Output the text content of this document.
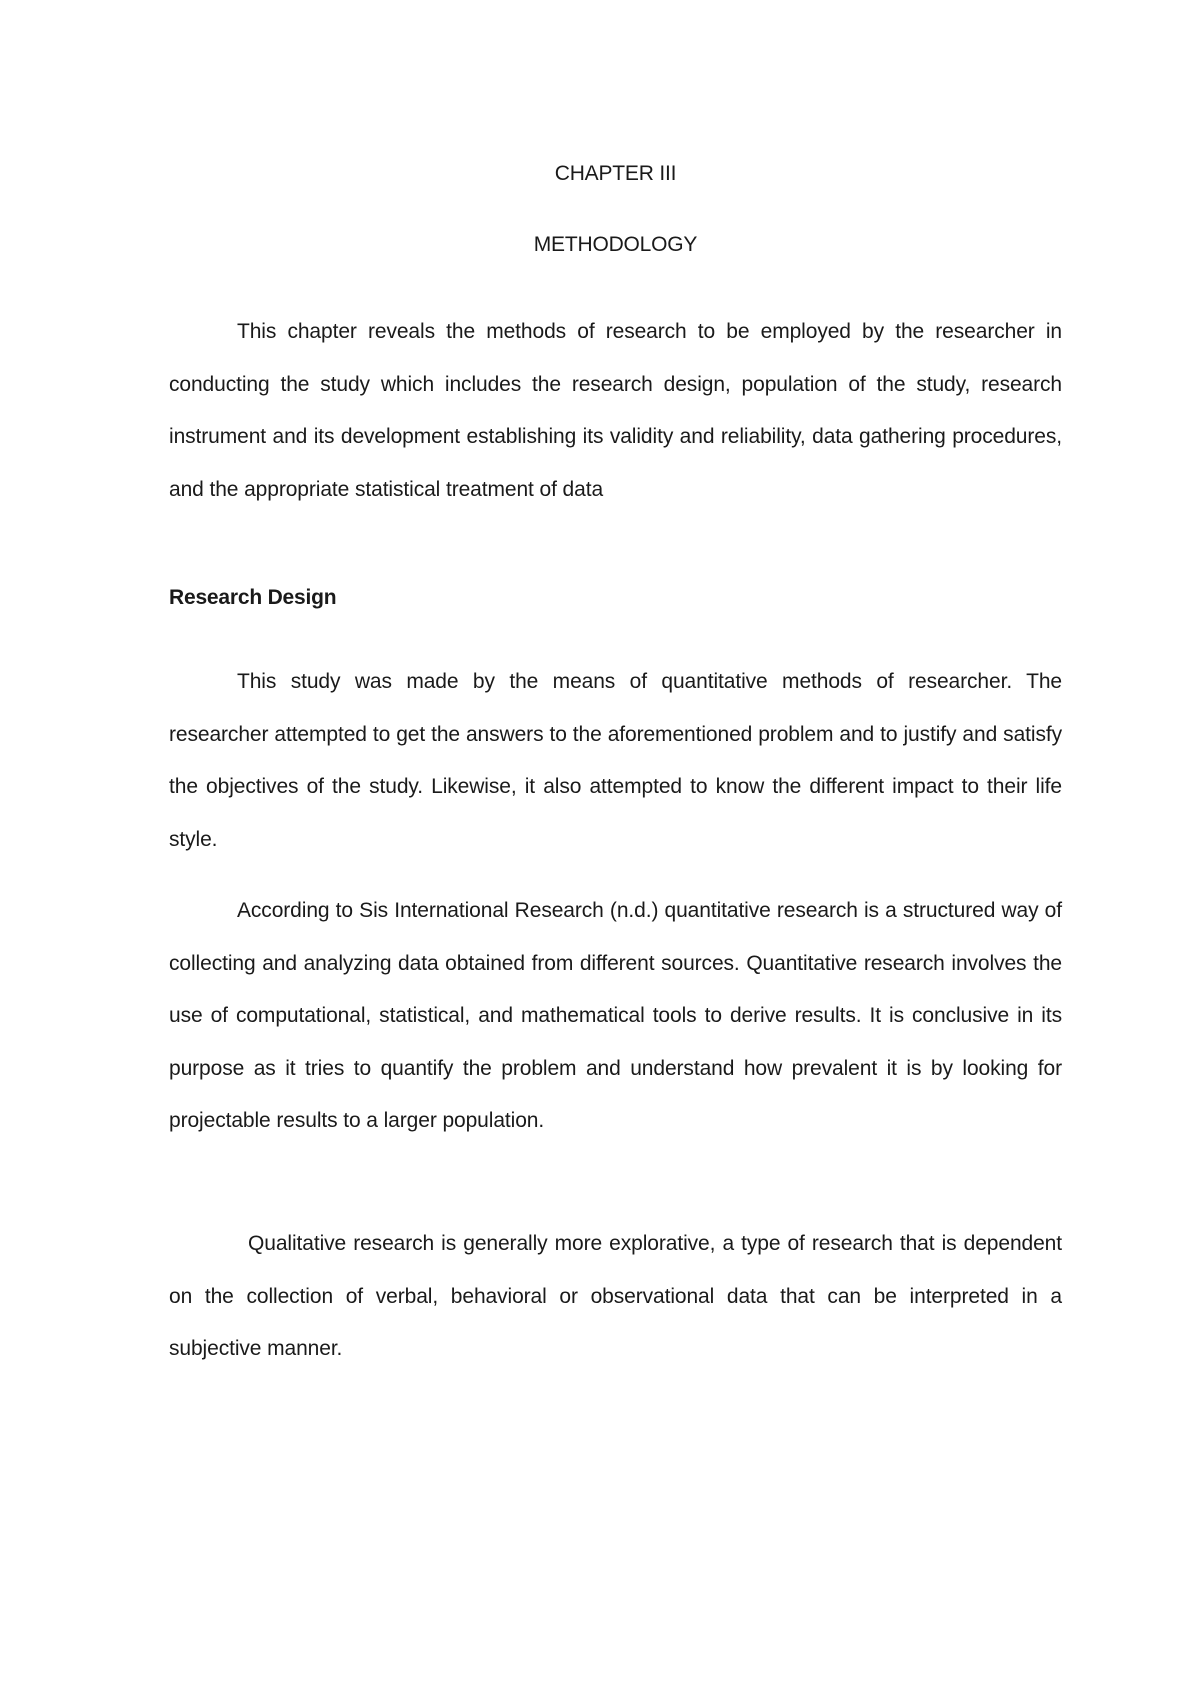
CHAPTER III
METHODOLOGY

This chapter reveals the methods of research to be employed by the researcher in conducting the study which includes the research design, population of the study, research instrument and its development establishing its validity and reliability, data gathering procedures, and the appropriate statistical treatment of data

Research Design

This study was made by the means of quantitative methods of researcher. The researcher attempted to get the answers to the aforementioned problem and to justify and satisfy the objectives of the study. Likewise, it also attempted to know the different impact to their life style.

According to Sis International Research (n.d.) quantitative research is a structured way of collecting and analyzing data obtained from different sources. Quantitative research involves the use of computational, statistical, and mathematical tools to derive results. It is conclusive in its purpose as it tries to quantify the problem and understand how prevalent it is by looking for projectable results to a larger population.

Qualitative research is generally more explorative, a type of research that is dependent on the collection of verbal, behavioral or observational data that can be interpreted in a subjective manner.
